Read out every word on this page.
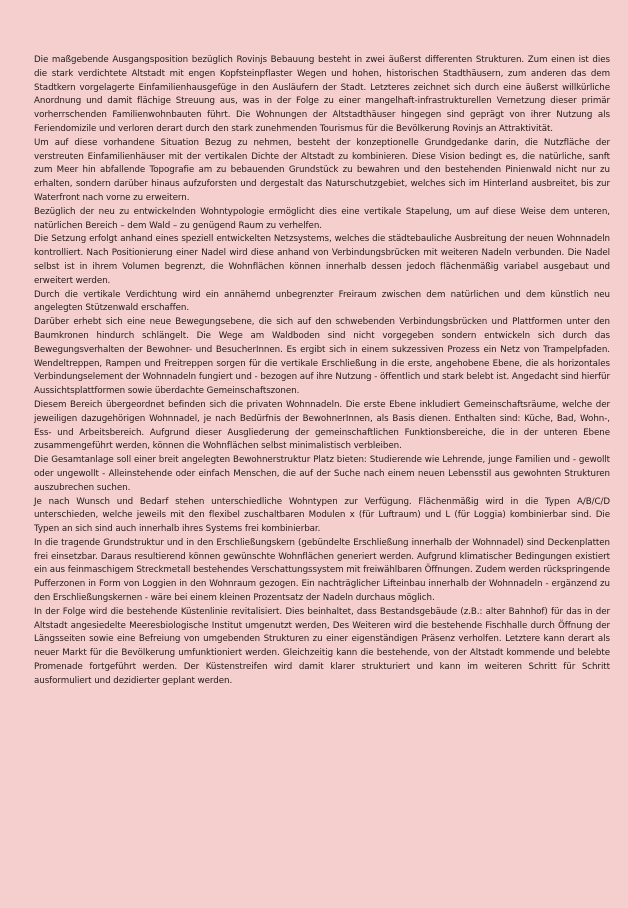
Die maßgebende Ausgangsposition bezüglich Rovinjs Bebauung besteht in zwei äußerst differenten Strukturen. Zum einen ist dies die stark verdichtete Altstadt mit engen Kopfsteinpflaster Wegen und hohen, historischen Stadthäusern, zum anderen das dem Stadtkern vorgelagerte Einfamilienhausgefüge in den Ausläufern der Stadt. Letzteres zeichnet sich durch eine äußerst willkürliche Anordnung und damit flächige Streuung aus, was in der Folge zu einer mangelhaft-infrastrukturellen Vernetzung dieser primär vorherrschenden Familienwohnbauten führt. Die Wohnungen der Altstadthäuser hingegen sind geprägt von ihrer Nutzung als Feriendomizile und verloren derart durch den stark zunehmenden Tourismus für die Bevölkerung Rovinjs an Attraktivität.

Um auf diese vorhandene Situation Bezug zu nehmen, besteht der konzeptionelle Grundgedanke darin, die Nutzfläche der verstreuten Einfamilienhäuser mit der vertikalen Dichte der Altstadt zu kombinieren. Diese Vision bedingt es, die natürliche, sanft zum Meer hin abfallende Topografie am zu bebauenden Grundstück zu bewahren und den bestehenden Pinienwald nicht nur zu erhalten, sondern darüber hinaus aufzuforsten und dergestalt das Naturschutzgebiet, welches sich im Hinterland ausbreitet, bis zur Waterfront nach vorne zu erweitern.

Bezüglich der neu zu entwickelnden Wohntypologie ermöglicht dies eine vertikale Stapelung, um auf diese Weise dem unteren, natürlichen Bereich – dem Wald – zu genügend Raum zu verhelfen.

Die Setzung erfolgt anhand eines speziell entwickelten Netzsystems, welches die städtebauliche Ausbreitung der neuen Wohnnadeln kontrolliert. Nach Positionierung einer Nadel wird diese anhand von Verbindungsbrücken mit weiteren Nadeln verbunden. Die Nadel selbst ist in ihrem Volumen begrenzt, die Wohnflächen können innerhalb dessen jedoch flächenmäßig variabel ausgebaut und erweitert werden.

Durch die vertikale Verdichtung wird ein annähernd unbegrenzter Freiraum zwischen dem natürlichen und dem künstlich neu angelegten Stützenwald erschaffen.

Darüber erhebt sich eine neue Bewegungsebene, die sich auf den schwebenden Verbindungsbrücken und Plattformen unter den Baumkronen hindurch schlängelt. Die Wege am Waldboden sind nicht vorgegeben sondern entwickeln sich durch das Bewegungsverhalten der Bewohner- und BesucherInnen. Es ergibt sich in einem sukzessiven Prozess ein Netz von Trampelpfaden. Wendeltreppen, Rampen und Freitreppen sorgen für die vertikale Erschließung in die erste, angehobene Ebene, die als horizontales Verbindungselement der Wohnnadeln fungiert und - bezogen auf ihre Nutzung - öffentlich und stark belebt ist. Angedacht sind hierfür Aussichtsplattformen sowie überdachte Gemeinschaftszonen.

Diesem Bereich übergeordnet befinden sich die privaten Wohnnadeln. Die erste Ebene inkludiert Gemeinschaftsräume, welche der jeweiligen dazugehörigen Wohnnadel, je nach Bedürfnis der BewohnerInnen, als Basis dienen. Enthalten sind: Küche, Bad, Wohn-, Ess- und Arbeitsbereich. Aufgrund dieser Ausgliederung der gemeinschaftlichen Funktionsbereiche, die in der unteren Ebene zusammengeführt werden, können die Wohnflächen selbst minimalistisch verbleiben.

Die Gesamtanlage soll einer breit angelegten Bewohnerstruktur Platz bieten: Studierende wie Lehrende, junge Familien und - gewollt oder ungewollt - Alleinstehende oder einfach Menschen, die auf der Suche nach einem neuen Lebensstil aus gewohnten Strukturen auszubrechen suchen.

Je nach Wunsch und Bedarf stehen unterschiedliche Wohntypen zur Verfügung. Flächenmäßig wird in die Typen A/B/C/D unterschieden, welche jeweils mit den flexibel zuschaltbaren Modulen x (für Luftraum) und L (für Loggia) kombinierbar sind. Die Typen an sich sind auch innerhalb ihres Systems frei kombinierbar.

In die tragende Grundstruktur und in den Erschließungskern (gebündelte Erschließung innerhalb der Wohnnadel) sind Deckenplatten frei einsetzbar. Daraus resultierend können gewünschte Wohnflächen generiert werden. Aufgrund klimatischer Bedingungen existiert ein aus feinmaschigem Streckmetall bestehendes Verschattungssystem mit freiwählbaren Öffnungen. Zudem werden rückspringende Pufferzonen in Form von Loggien in den Wohnraum gezogen. Ein nachträglicher Lifteinbau innerhalb der Wohnnadeln - ergänzend zu den Erschließungskernen - wäre bei einem kleinen Prozentsatz der Nadeln durchaus möglich.

In der Folge wird die bestehende Küstenlinie revitalisiert. Dies beinhaltet, dass Bestandsgebäude (z.B.: alter Bahnhof) für das in der Altstadt angesiedelte Meeresbiologische Institut umgenutzt werden, Des Weiteren wird die bestehende Fischhalle durch Öffnung der Längsseiten sowie eine Befreiung von umgebenden Strukturen zu einer eigenständigen Präsenz verholfen. Letztere kann derart als neuer Markt für die Bevölkerung umfunktioniert werden. Gleichzeitig kann die bestehende, von der Altstadt kommende und belebte Promenade fortgeführt werden. Der Küstenstreifen wird damit klarer strukturiert und kann im weiteren Schritt für Schritt ausformuliert und dezidierter geplant werden.
